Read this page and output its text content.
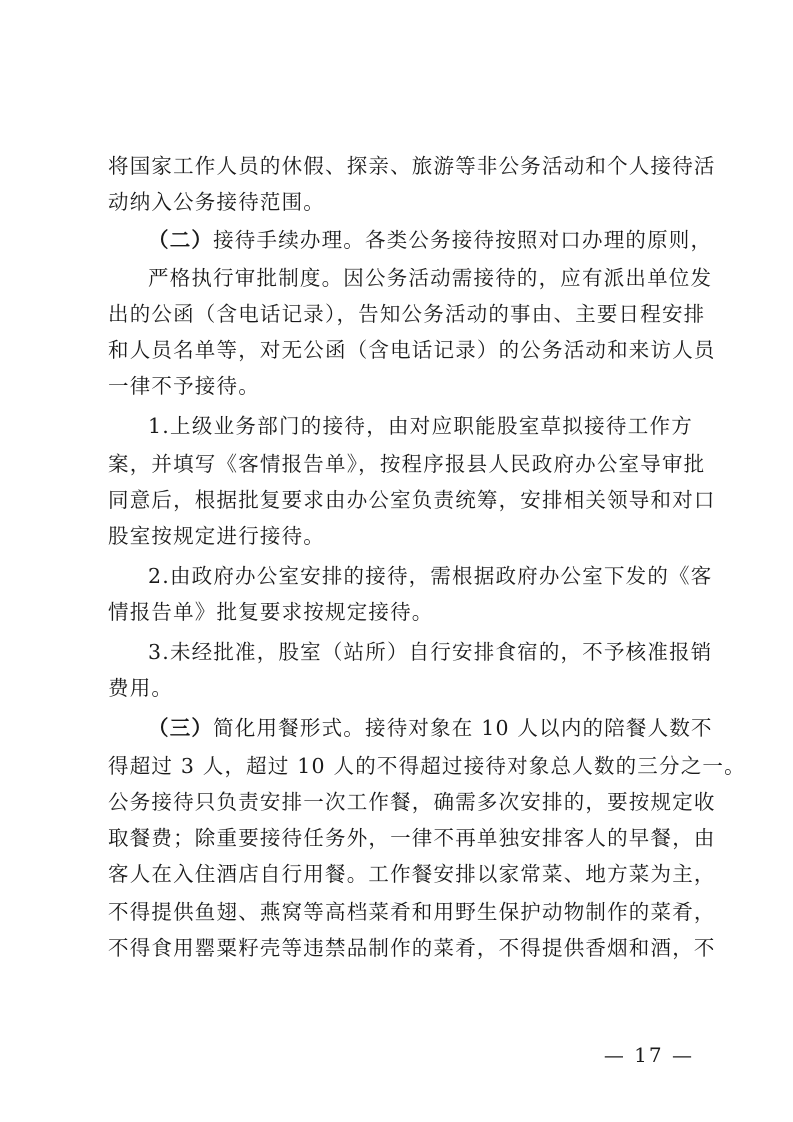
将国家工作人员的休假、探亲、旅游等非公务活动和个人接待活
动纳入公务接待范围。
（二）接待手续办理。各类公务接待按照对口办理的原则，
严格执行审批制度。因公务活动需接待的，应有派出单位发
出的公函（含电话记录），告知公务活动的事由、主要日程安排
和人员名单等，对无公函（含电话记录）的公务活动和来访人员
一律不予接待。
1.上级业务部门的接待，由对应职能股室草拟接待工作方
案，并填写《客情报告单》，按程序报县人民政府办公室导审批
同意后，根据批复要求由办公室负责统筹，安排相关领导和对口
股室按规定进行接待。
2.由政府办公室安排的接待，需根据政府办公室下发的《客
情报告单》批复要求按规定接待。
3.未经批准，股室（站所）自行安排食宿的，不予核准报销
费用。
（三）简化用餐形式。接待对象在 10 人以内的陪餐人数不
得超过 3 人，超过 10 人的不得超过接待对象总人数的三分之一。
公务接待只负责安排一次工作餐，确需多次安排的，要按规定收
取餐费；除重要接待任务外，一律不再单独安排客人的早餐，由
客人在入住酒店自行用餐。工作餐安排以家常菜、地方菜为主，
不得提供鱼翅、燕窝等高档菜肴和用野生保护动物制作的菜肴，
不得食用罂粟籽壳等违禁品制作的菜肴，不得提供香烟和酒，不
— 17 —
